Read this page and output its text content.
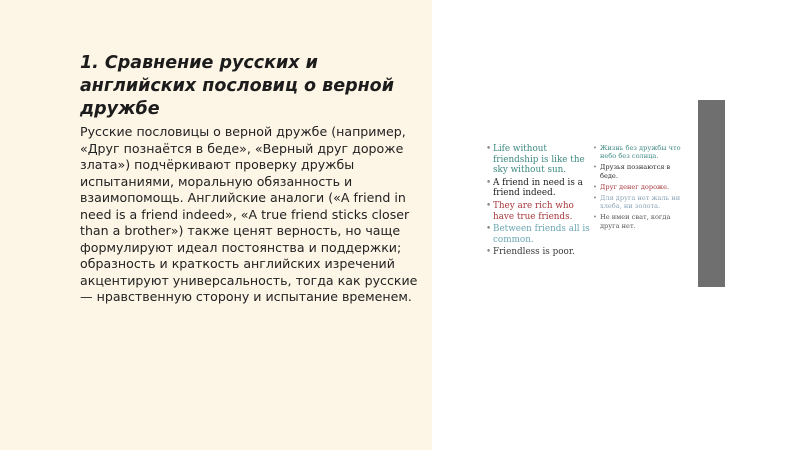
1. Сравнение русских и английских пословиц о верной дружбе

Русские пословицы о верной дружбе (например, «Друг познаётся в беде», «Верный друг дороже злата») подчёркивают проверку дружбы испытаниями, моральную обязанность и взаимопомощь. Английские аналоги («A friend in need is a friend indeed», «A true friend sticks closer than a brother») также ценят верность, но чаще формулируют идеал постоянства и поддержки; образность и краткость английских изречений акцентируют универсальность, тогда как русские — нравственную сторону и испытание временем.

• Life without friendship is like the sky without sun.

• A friend in need is a friend indeed.

• They are rich who have true friends.

• Between friends all is common.

• Friendless is poor.

• Жизнь без дружбы что небо без солнца.

• Друзья познаются в беде.

• Друг денег дороже.

• Для друга нет жаль ни хлеба, ни золота.

• Не имеи сват, когда друга нет.
